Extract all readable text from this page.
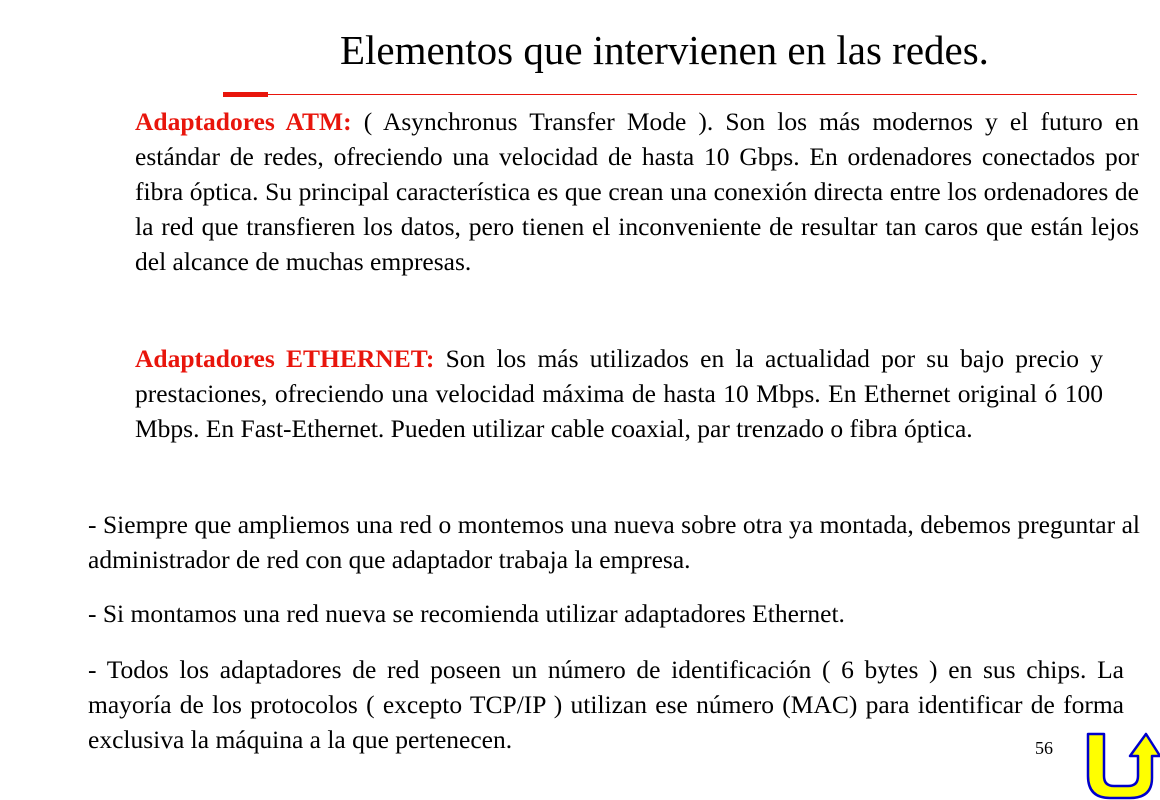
Elementos que intervienen en las redes.

Adaptadores ATM: ( Asynchronus Transfer Mode ). Son los más modernos y el futuro en estándar de redes, ofreciendo una velocidad de hasta 10 Gbps. En ordenadores conectados por fibra óptica. Su principal característica es que crean una conexión directa entre los ordenadores de la red que transfieren los datos, pero tienen el inconveniente de resultar tan caros que están lejos del alcance de muchas empresas.

Adaptadores ETHERNET: Son los más utilizados en la actualidad por su bajo precio y prestaciones, ofreciendo una velocidad máxima de hasta 10 Mbps. En Ethernet original ó 100 Mbps. En Fast-Ethernet. Pueden utilizar cable coaxial, par trenzado o fibra óptica.

- Siempre que ampliemos una red o montemos una nueva sobre otra ya montada, debemos preguntar al administrador de red con que adaptador trabaja la empresa.

- Si montamos una red nueva se recomienda utilizar adaptadores Ethernet.

- Todos los adaptadores de red poseen un número de identificación ( 6 bytes ) en sus chips. La mayoría de los protocolos ( excepto TCP/IP ) utilizan ese número (MAC) para identificar de forma exclusiva la máquina a la que pertenecen.	56
